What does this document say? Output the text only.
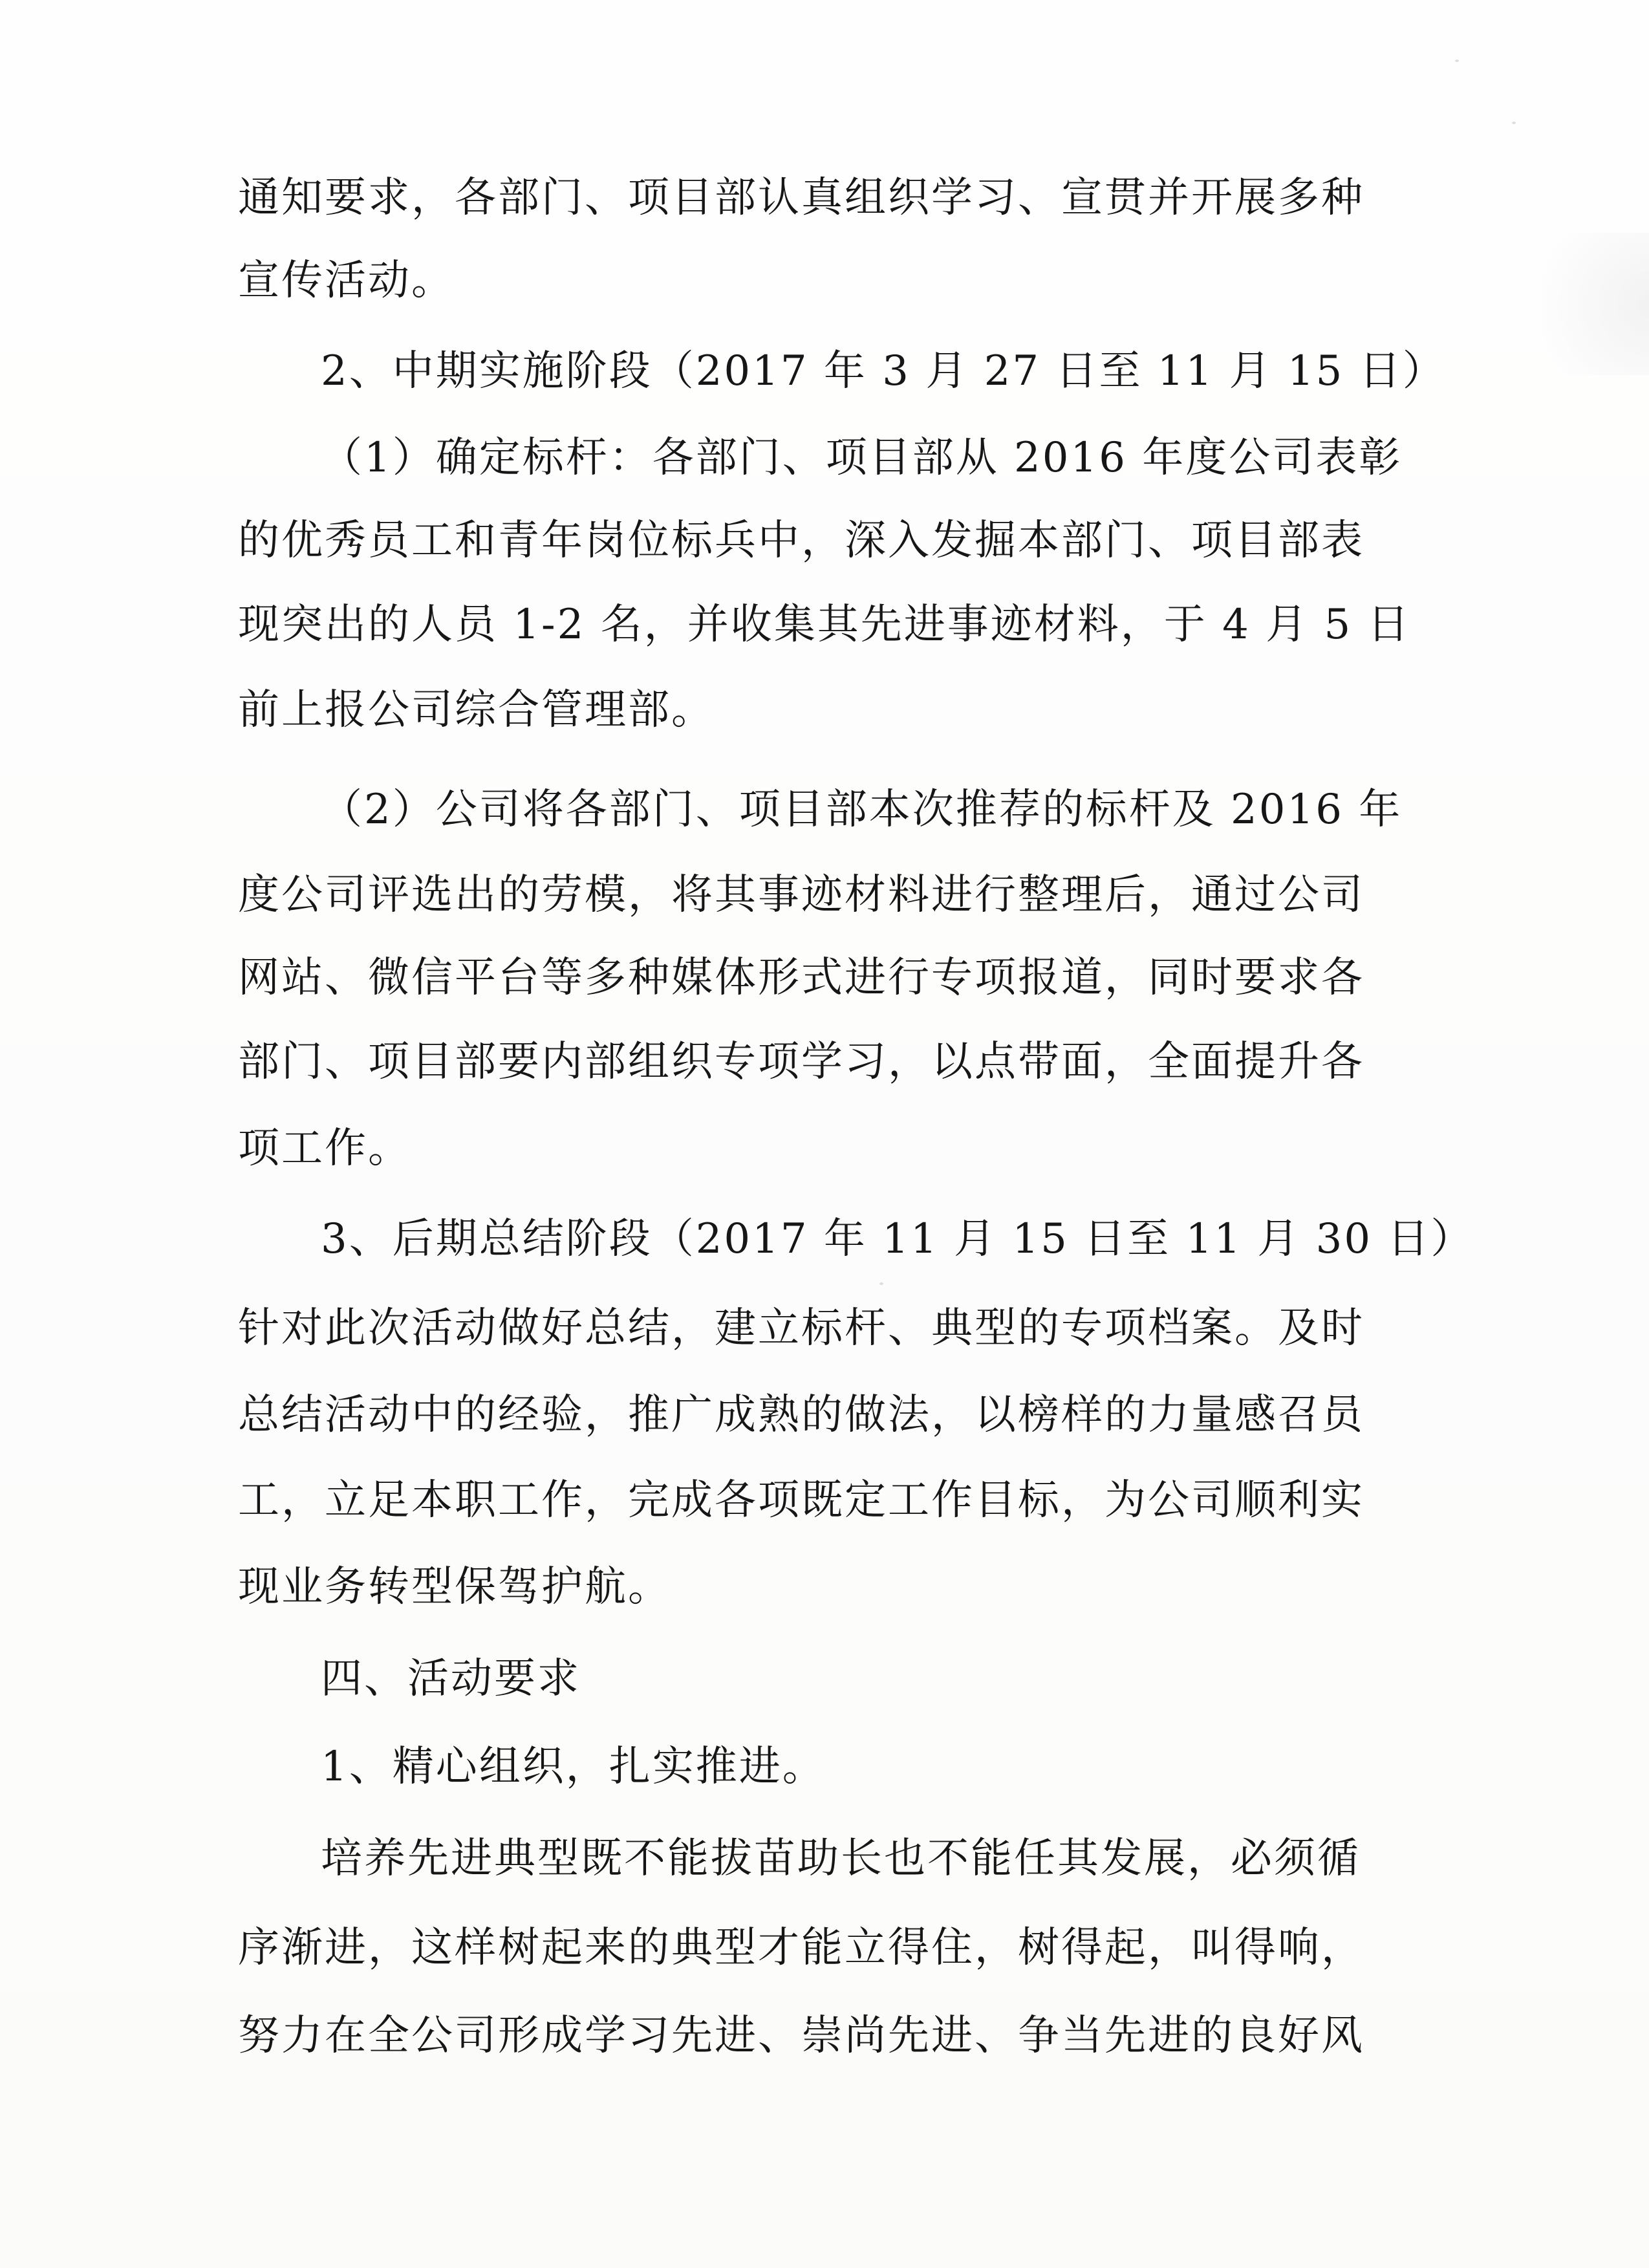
通知要求，各部门、项目部认真组织学习、宣贯并开展多种
宣传活动。
2、中期实施阶段（2017 年 3 月 27 日至 11 月 15 日）
（1）确定标杆：各部门、项目部从 2016 年度公司表彰
的优秀员工和青年岗位标兵中，深入发掘本部门、项目部表
现突出的人员 1-2 名，并收集其先进事迹材料，于 4 月 5 日
前上报公司综合管理部。
（2）公司将各部门、项目部本次推荐的标杆及 2016 年
度公司评选出的劳模，将其事迹材料进行整理后，通过公司
网站、微信平台等多种媒体形式进行专项报道，同时要求各
部门、项目部要内部组织专项学习，以点带面，全面提升各
项工作。
3、后期总结阶段（2017 年 11 月 15 日至 11 月 30 日）
针对此次活动做好总结，建立标杆、典型的专项档案。及时
总结活动中的经验，推广成熟的做法，以榜样的力量感召员
工，立足本职工作，完成各项既定工作目标，为公司顺利实
现业务转型保驾护航。
四、活动要求
1、精心组织，扎实推进。
培养先进典型既不能拔苗助长也不能任其发展，必须循
序渐进，这样树起来的典型才能立得住，树得起，叫得响，
努力在全公司形成学习先进、崇尚先进、争当先进的良好风
